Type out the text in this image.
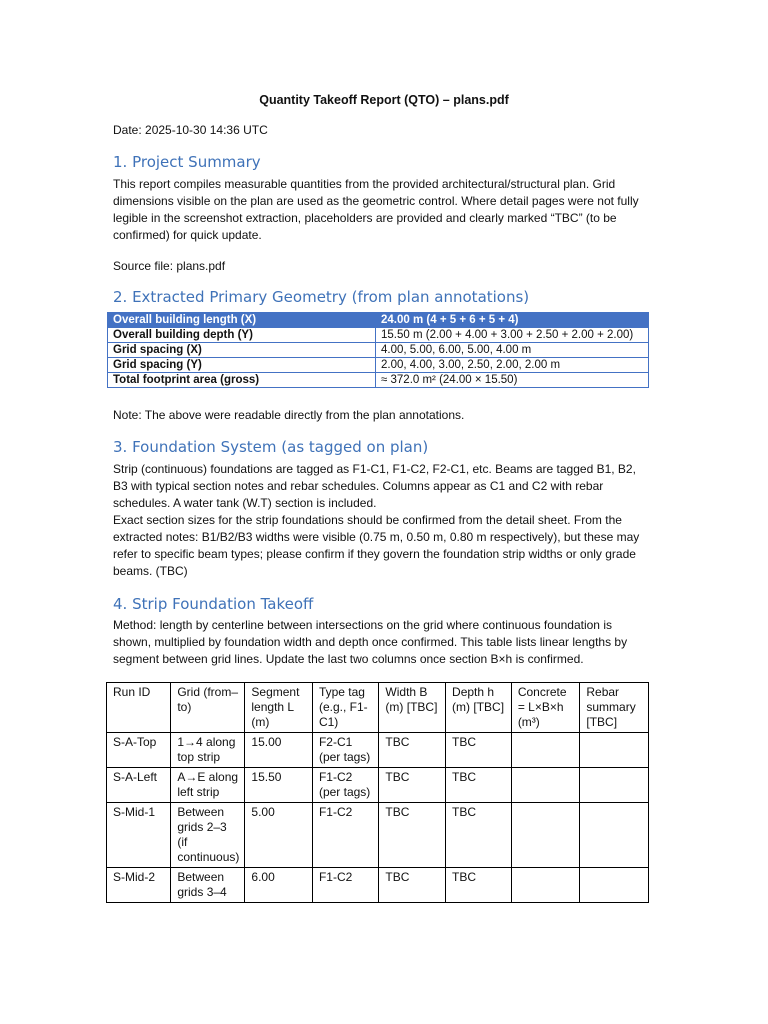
Quantity Takeoff Report (QTO) – plans.pdf
Date: 2025-10-30 14:36 UTC
1. Project Summary

This report compiles measurable quantities from the provided architectural/structural plan. Grid dimensions visible on the plan are used as the geometric control. Where detail pages were not fully legible in the screenshot extraction, placeholders are provided and clearly marked “TBC” (to be confirmed) for quick update.

Source file: plans.pdf

2. Extracted Primary Geometry (from plan annotations)
Overall building length (X)	24.00 m (4 + 5 + 6 + 5 + 4)
Overall building depth (Y)	15.50 m (2.00 + 4.00 + 3.00 + 2.50 + 2.00 + 2.00)
Grid spacing (X)	4.00, 5.00, 6.00, 5.00, 4.00 m
Grid spacing (Y)	2.00, 4.00, 3.00, 2.50, 2.00, 2.00 m
Total footprint area (gross)	≈ 372.0 m² (24.00 × 15.50)
Note: The above were readable directly from the plan annotations.
3. Foundation System (as tagged on plan)

Strip (continuous) foundations are tagged as F1-C1, F1-C2, F2-C1, etc. Beams are tagged B1, B2, B3 with typical section notes and rebar schedules. Columns appear as C1 and C2 with rebar schedules. A water tank (W.T) section is included.

Exact section sizes for the strip foundations should be confirmed from the detail sheet. From the extracted notes: B1/B2/B3 widths were visible (0.75 m, 0.50 m, 0.80 m respectively), but these may refer to specific beam types; please confirm if they govern the foundation strip widths or only grade beams. (TBC)

4. Strip Foundation Takeoff

Method: length by centerline between intersections on the grid where continuous foundation is shown, multiplied by foundation width and depth once confirmed. This table lists linear lengths by segment between grid lines. Update the last two columns once section B×h is confirmed.

Run ID	Grid (from–to)	Segment length L (m)	Type tag (e.g., F1-C1)	Width B (m) [TBC]	Depth h (m) [TBC]	Concrete = L×B×h (m³)	Rebar summary [TBC]
S-A-Top	1→4 along top strip	15.00	F2-C1 (per tags)	TBC	TBC		
S-A-Left	A→E along left strip	15.50	F1-C2 (per tags)	TBC	TBC		
S-Mid-1	Between grids 2–3 (if continuous)	5.00	F1-C2	TBC	TBC		
S-Mid-2	Between grids 3–4	6.00	F1-C2	TBC	TBC		
